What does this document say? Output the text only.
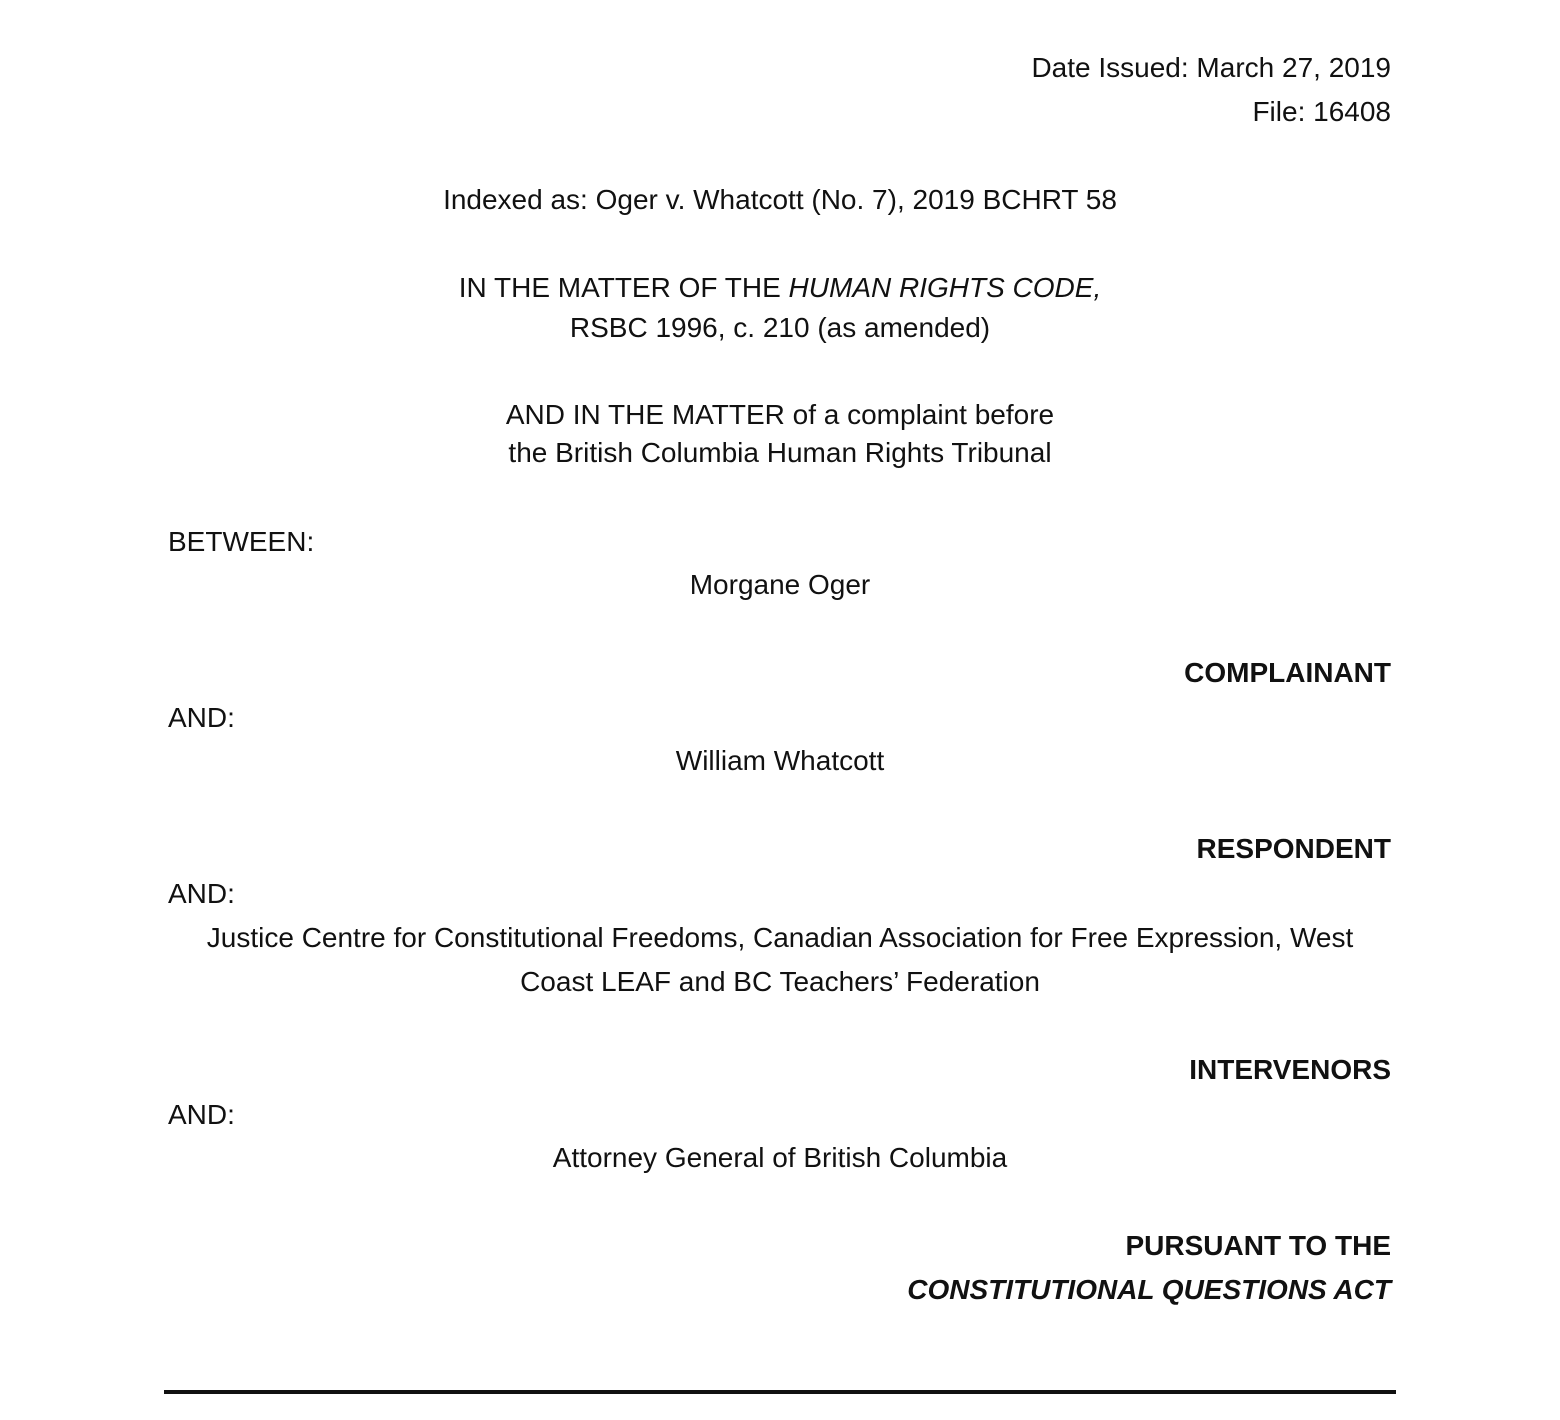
Date Issued: March 27, 2019
File: 16408
Indexed as: Oger v. Whatcott (No. 7), 2019 BCHRT 58
IN THE MATTER OF THE HUMAN RIGHTS CODE,
RSBC 1996, c. 210 (as amended)
AND IN THE MATTER of a complaint before
the British Columbia Human Rights Tribunal
BETWEEN:
Morgane Oger
COMPLAINANT
AND:
William Whatcott
RESPONDENT
AND:
Justice Centre for Constitutional Freedoms, Canadian Association for Free Expression, West
Coast LEAF and BC Teachers’ Federation
INTERVENORS
AND:
Attorney General of British Columbia
PURSUANT TO THE
CONSTITUTIONAL QUESTIONS ACT
